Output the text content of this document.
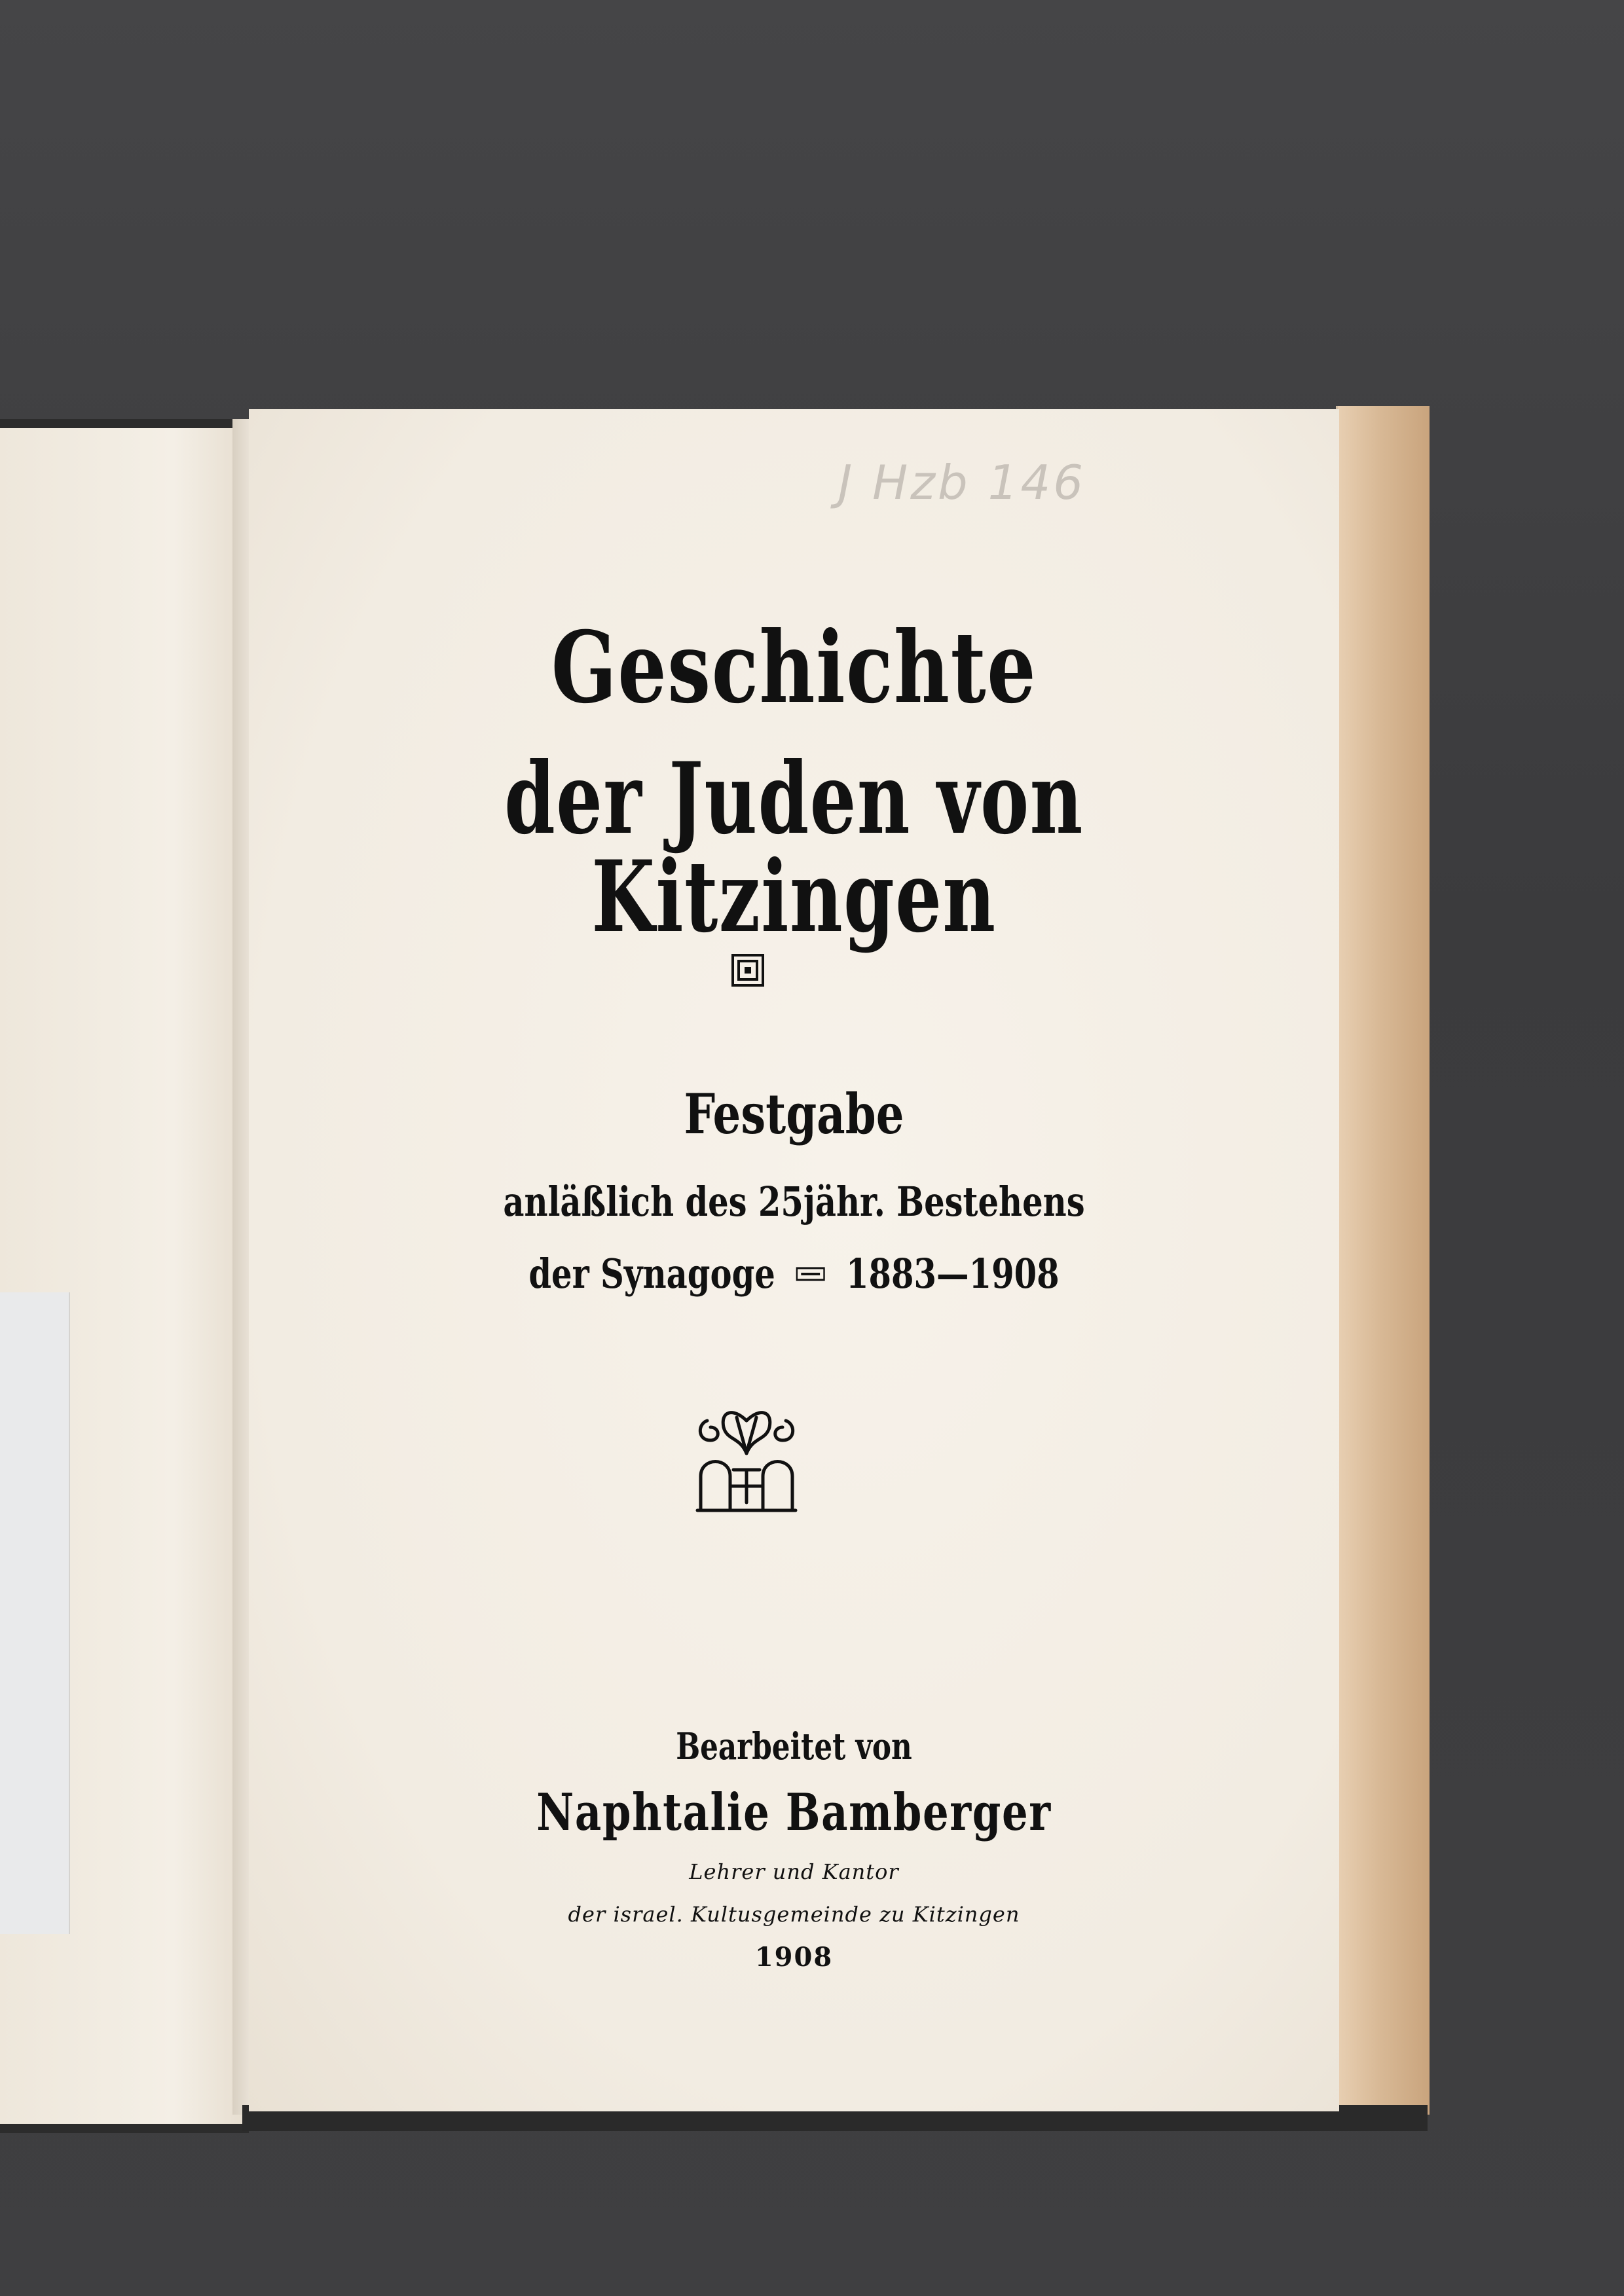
J Hzb 146
Geschichte
der Juden von Kitzingen
Festgabe
anläßlich des 25jähr. Bestehens
der Synagoge 1883—1908
Bearbeitet von
Naphtalie Bamberger
Lehrer und Kantor
der israel. Kultusgemeinde zu Kitzingen
1908
